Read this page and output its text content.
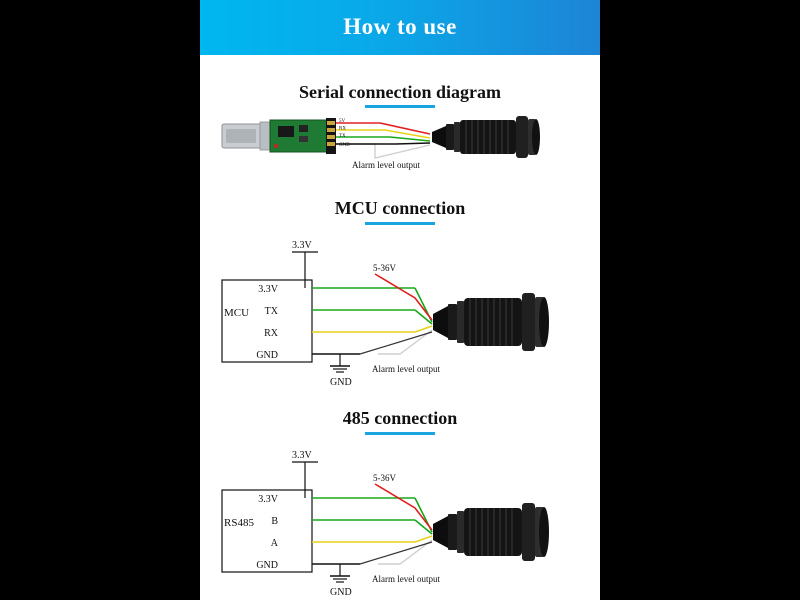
How to use
Serial connection diagram
5V
RX
TX
GND
Alarm level output
MCU connection
MCU
3.3V
TX
RX
GND
3.3V
5-36V
GND
Alarm level output
485 connection
RS485
3.3V
B
A
GND
3.3V
5-36V
GND
Alarm level output
